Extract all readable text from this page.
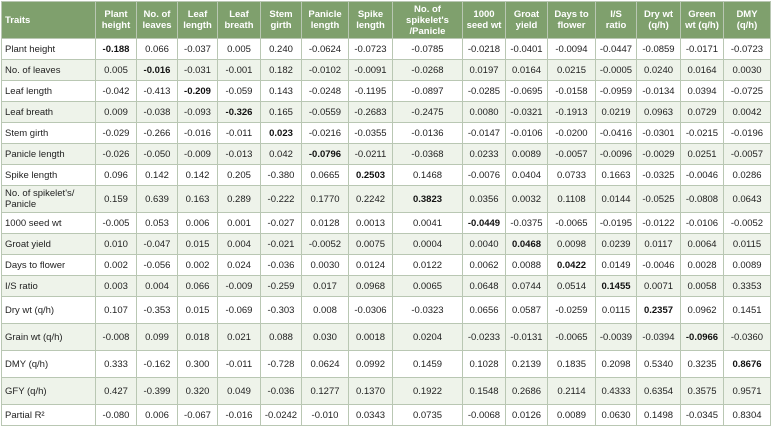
Traits	Plant height	No. of leaves	Leaf length	Leaf breath	Stem girth	Panicle length	Spike length	No. of spikelet's /Panicle	1000 seed wt	Groat yield	Days to flower	I/S ratio	Dry wt (q/h)	Green wt (q/h)	DMY (q/h)
Plant height	-0.188	0.066	-0.037	0.005	0.240	-0.0624	-0.0723	-0.0785	-0.0218	-0.0401	-0.0094	-0.0447	-0.0859	-0.0171	-0.0723
No. of leaves	0.005	-0.016	-0.031	-0.001	0.182	-0.0102	-0.0091	-0.0268	0.0197	0.0164	0.0215	-0.0005	0.0240	0.0164	0.0030
Leaf length	-0.042	-0.413	-0.209	-0.059	0.143	-0.0248	-0.1195	-0.0897	-0.0285	-0.0695	-0.0158	-0.0959	-0.0134	0.0394	-0.0725
Leaf breath	0.009	-0.038	-0.093	-0.326	0.165	-0.0559	-0.2683	-0.2475	0.0080	-0.0321	-0.1913	0.0219	0.0963	0.0729	0.0042
Stem girth	-0.029	-0.266	-0.016	-0.011	0.023	-0.0216	-0.0355	-0.0136	-0.0147	-0.0106	-0.0200	-0.0416	-0.0301	-0.0215	-0.0196
Panicle length	-0.026	-0.050	-0.009	-0.013	0.042	-0.0796	-0.0211	-0.0368	0.0233	0.0089	-0.0057	-0.0096	-0.0029	0.0251	-0.0057
Spike length	0.096	0.142	0.142	0.205	-0.380	0.0665	0.2503	0.1468	-0.0076	0.0404	0.0733	0.1663	-0.0325	-0.0046	0.0286
No. of spikelet's/ Panicle	0.159	0.639	0.163	0.289	-0.222	0.1770	0.2242	0.3823	0.0356	0.0032	0.1108	0.0144	-0.0525	-0.0808	0.0643
1000 seed wt	-0.005	0.053	0.006	0.001	-0.027	0.0128	0.0013	0.0041	-0.0449	-0.0375	-0.0065	-0.0195	-0.0122	-0.0106	-0.0052
Groat yield	0.010	-0.047	0.015	0.004	-0.021	-0.0052	0.0075	0.0004	0.0040	0.0468	0.0098	0.0239	0.0117	0.0064	0.0115
Days to flower	0.002	-0.056	0.002	0.024	-0.036	0.0030	0.0124	0.0122	0.0062	0.0088	0.0422	0.0149	-0.0046	0.0028	0.0089
I/S ratio	0.003	0.004	0.066	-0.009	-0.259	0.017	0.0968	0.0065	0.0648	0.0744	0.0514	0.1455	0.0071	0.0058	0.3353
Dry wt (q/h)	0.107	-0.353	0.015	-0.069	-0.303	0.008	-0.0306	-0.0323	0.0656	0.0587	-0.0259	0.0115	0.2357	0.0962	0.1451
Grain wt (q/h)	-0.008	0.099	0.018	0.021	0.088	0.030	0.0018	0.0204	-0.0233	-0.0131	-0.0065	-0.0039	-0.0394	-0.0966	-0.0360
DMY (q/h)	0.333	-0.162	0.300	-0.011	-0.728	0.0624	0.0992	0.1459	0.1028	0.2139	0.1835	0.2098	0.5340	0.3235	0.8676
GFY (q/h)	0.427	-0.399	0.320	0.049	-0.036	0.1277	0.1370	0.1922	0.1548	0.2686	0.2114	0.4333	0.6354	0.3575	0.9571
Partial R²	-0.080	0.006	-0.067	-0.016	-0.0242	-0.010	0.0343	0.0735	-0.0068	0.0126	0.0089	0.0630	0.1498	-0.0345	0.8304
